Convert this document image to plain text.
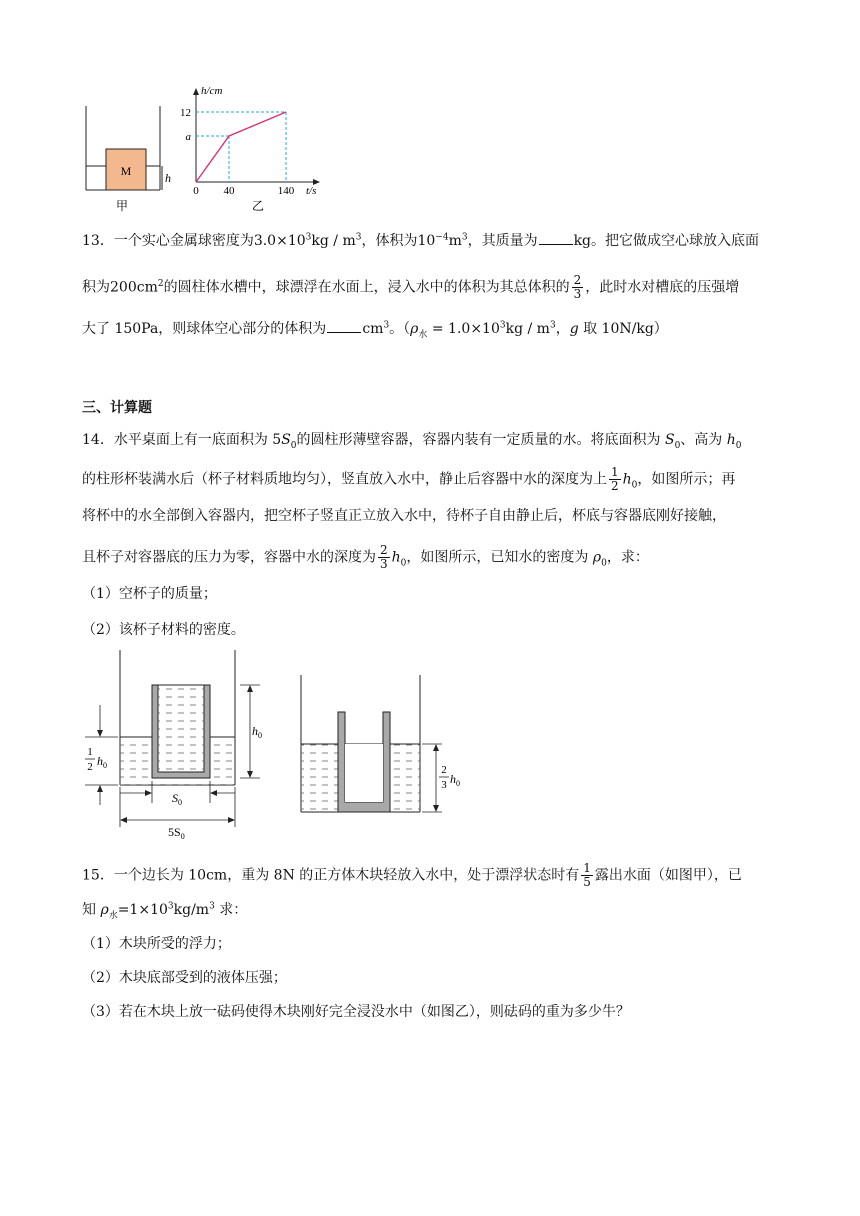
M	h
甲
h/cm
t/s
12
a
0 40	140
乙
13．一个实心金属球密度为$3.0\times 10^3kg / m^3$，体积为$10^{-4}m^3$，其质量为	kg。把它做成空心球放入底面
积为$200cm^2$的圆柱体水槽中，球漂浮在水面上，浸入水中的体积为其总体积的 $\frac{2}{3}$ ，此时水对槽底的压强增
大了 150Pa，则球体空心部分的体积为	$cm^3$。（$\rho_水 = 1.0\times 10^3kg / m^3$，g 取 10N/kg）
三、计算题
14．水平桌面上有一底面积为 $5S_0$的圆柱形薄壁容器，容器内装有一定质量的水。将底面积为 $S_0$、高为 $h_0$
的柱形杯装满水后（杯子材料质地均匀），竖直放入水中，静止后容器中水的深度为上 $\frac{1}{2} h_0$，如图所示；再
将杯中的水全部倒入容器内，把空杯子竖直正立放入水中，待杯子自由静止后，杯底与容器底刚好接触，
且杯子对容器底的压力为零，容器中水的深度为 $\frac{2}{3} h_0$，如图所示，已知水的密度为 $\rho_0$，求：
（1）空杯子的质量；
（2）该杯子材料的密度。
$h_0$
1
2 $h_0$
$S_0$
$5S_0$
2
3 $h_0$
15．一个边长为 10cm，重为 8N 的正方体木块轻放入水中，处于漂浮状态时有 $\frac{1}{5}$ 露出水面（如图甲），已
知 $\rho_水=1\times 10^3kg/m^3$ 求：
（1）木块所受的浮力；
（2）木块底部受到的液体压强；
（3）若在木块上放一砝码使得木块刚好完全浸没水中（如图乙），则砝码的重为多少牛？
